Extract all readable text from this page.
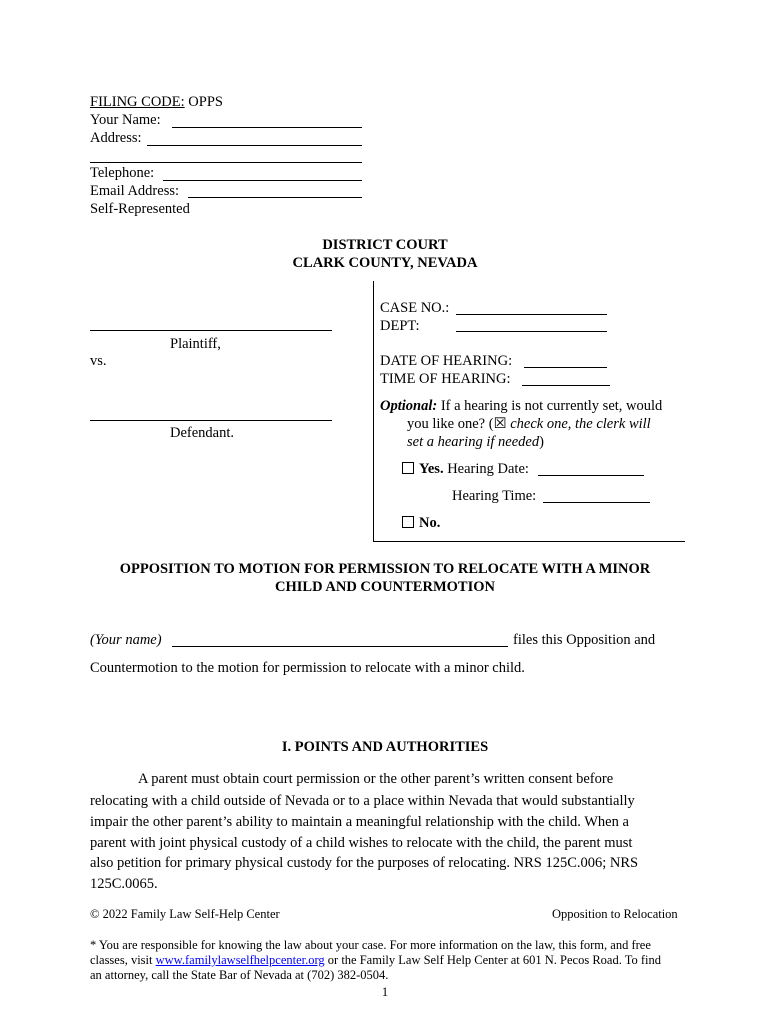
FILING CODE: OPPS
Your Name:
Address:
Telephone:
Email Address:
Self-Represented
DISTRICT COURT
CLARK COUNTY, NEVADA
Plaintiff,
vs.
Defendant.
CASE NO.:
DEPT:
DATE OF HEARING:
TIME OF HEARING:
Optional: If a hearing is not currently set, would
you like one? (☒ check one, the clerk will
set a hearing if needed)
Yes. Hearing Date:
Hearing Time:
No.
OPPOSITION TO MOTION FOR PERMISSION TO RELOCATE WITH A MINOR
CHILD AND COUNTERMOTION
(Your name)	files this Opposition and
Countermotion to the motion for permission to relocate with a minor child.
I. POINTS AND AUTHORITIES
A parent must obtain court permission or the other parent’s written consent before
relocating with a child outside of Nevada or to a place within Nevada that would substantially
impair the other parent’s ability to maintain a meaningful relationship with the child. When a
parent with joint physical custody of a child wishes to relocate with the child, the parent must
also petition for primary physical custody for the purposes of relocating. NRS 125C.006; NRS
125C.0065.
© 2022 Family Law Self-Help Center	Opposition to Relocation
* You are responsible for knowing the law about your case. For more information on the law, this form, and free
classes, visit www.familylawselfhelpcenter.org or the Family Law Self Help Center at 601 N. Pecos Road. To find
an attorney, call the State Bar of Nevada at (702) 382-0504.
1
